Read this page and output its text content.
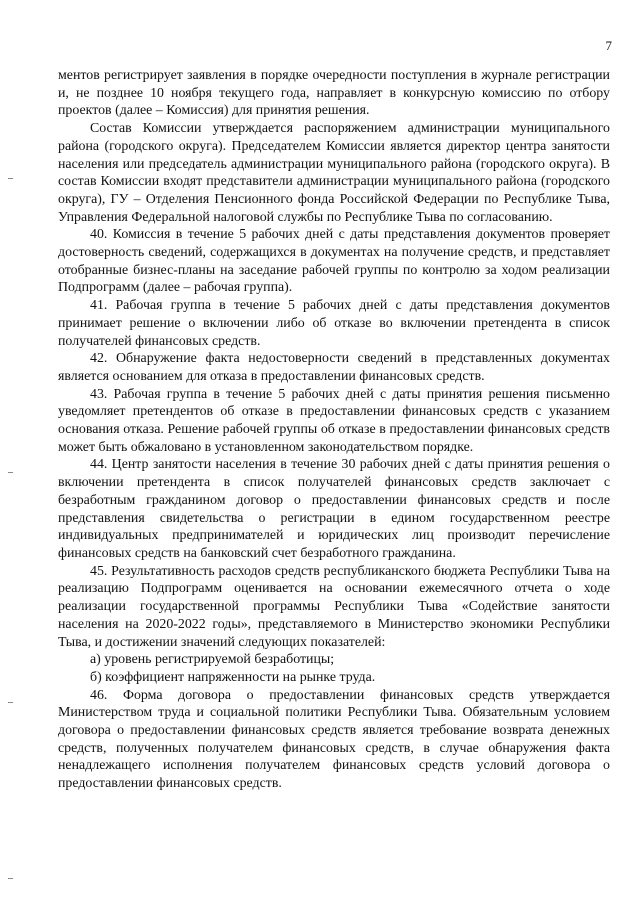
7

ментов регистрирует заявления в порядке очередности поступления в журнале регистрации и, не позднее 10 ноября текущего года, направляет в конкурсную комиссию по отбору проектов (далее – Комиссия) для принятия решения.

Состав Комиссии утверждается распоряжением администрации муниципального района (городского округа). Председателем Комиссии является директор центра занятости населения или председатель администрации муниципального района (городского округа). В состав Комиссии входят представители администрации муниципального района (городского округа), ГУ – Отделения Пенсионного фонда Российской Федерации по Республике Тыва, Управления Федеральной налоговой службы по Республике Тыва по согласованию.

40. Комиссия в течение 5 рабочих дней с даты представления документов проверяет достоверность сведений, содержащихся в документах на получение средств, и представляет отобранные бизнес-планы на заседание рабочей группы по контролю за ходом реализации Подпрограмм (далее – рабочая группа).

41. Рабочая группа в течение 5 рабочих дней с даты представления документов принимает решение о включении либо об отказе во включении претендента в список получателей финансовых средств.

42. Обнаружение факта недостоверности сведений в представленных документах является основанием для отказа в предоставлении финансовых средств.

43. Рабочая группа в течение 5 рабочих дней с даты принятия решения письменно уведомляет претендентов об отказе в предоставлении финансовых средств с указанием основания отказа. Решение рабочей группы об отказе в предоставлении финансовых средств может быть обжаловано в установленном законодательством порядке.

44. Центр занятости населения в течение 30 рабочих дней с даты принятия решения о включении претендента в список получателей финансовых средств заключает с безработным гражданином договор о предоставлении финансовых средств и после представления свидетельства о регистрации в едином государственном реестре индивидуальных предпринимателей и юридических лиц производит перечисление финансовых средств на банковский счет безработного гражданина.

45. Результативность расходов средств республиканского бюджета Республики Тыва на реализацию Подпрограмм оценивается на основании ежемесячного отчета о ходе реализации государственной программы Республики Тыва «Содействие занятости населения на 2020-2022 годы», представляемого в Министерство экономики Республики Тыва, и достижении значений следующих показателей:

а) уровень регистрируемой безработицы;

б) коэффициент напряженности на рынке труда.

46. Форма договора о предоставлении финансовых средств утверждается Министерством труда и социальной политики Республики Тыва. Обязательным условием договора о предоставлении финансовых средств является требование возврата денежных средств, полученных получателем финансовых средств, в случае обнаружения факта ненадлежащего исполнения получателем финансовых средств условий договора о предоставлении финансовых средств.
